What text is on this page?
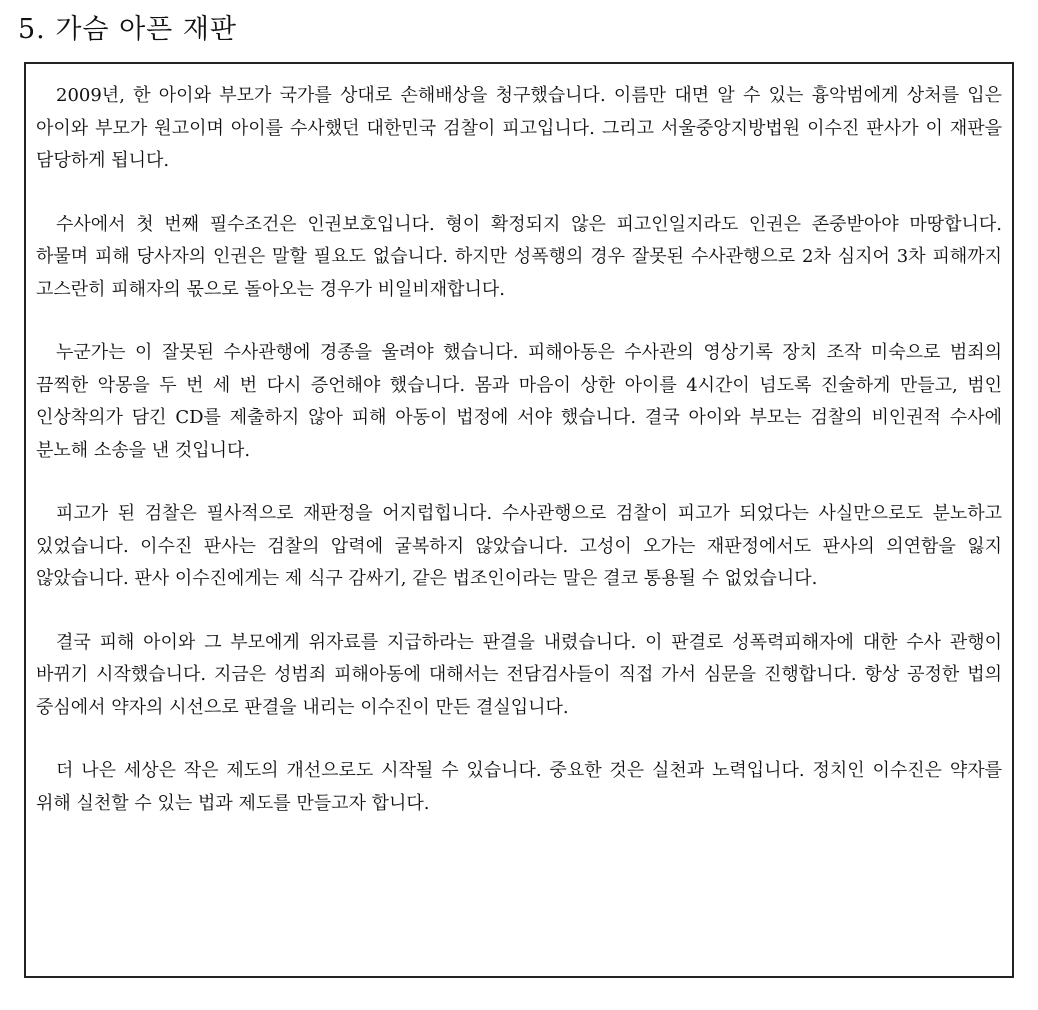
5. 가슴 아픈 재판

2009년, 한 아이와 부모가 국가를 상대로 손해배상을 청구했습니다. 이름만 대면 알 수 있는 흉악범에게 상처를 입은 아이와 부모가 원고이며 아이를 수사했던 대한민국 검찰이 피고입니다. 그리고 서울중앙지방법원 이수진 판사가 이 재판을 담당하게 됩니다.

수사에서 첫 번째 필수조건은 인권보호입니다. 형이 확정되지 않은 피고인일지라도 인권은 존중받아야 마땅합니다. 하물며 피해 당사자의 인권은 말할 필요도 없습니다. 하지만 성폭행의 경우 잘못된 수사관행으로 2차 심지어 3차 피해까지 고스란히 피해자의 몫으로 돌아오는 경우가 비일비재합니다.

누군가는 이 잘못된 수사관행에 경종을 울려야 했습니다. 피해아동은 수사관의 영상기록 장치 조작 미숙으로 범죄의 끔찍한 악몽을 두 번 세 번 다시 증언해야 했습니다. 몸과 마음이 상한 아이를 4시간이 넘도록 진술하게 만들고, 범인 인상착의가 담긴 CD를 제출하지 않아 피해 아동이 법정에 서야 했습니다. 결국 아이와 부모는 검찰의 비인권적 수사에 분노해 소송을 낸 것입니다.

피고가 된 검찰은 필사적으로 재판정을 어지럽힙니다. 수사관행으로 검찰이 피고가 되었다는 사실만으로도 분노하고 있었습니다. 이수진 판사는 검찰의 압력에 굴복하지 않았습니다. 고성이 오가는 재판정에서도 판사의 의연함을 잃지 않았습니다. 판사 이수진에게는 제 식구 감싸기, 같은 법조인이라는 말은 결코 통용될 수 없었습니다.

결국 피해 아이와 그 부모에게 위자료를 지급하라는 판결을 내렸습니다. 이 판결로 성폭력피해자에 대한 수사 관행이 바뀌기 시작했습니다. 지금은 성범죄 피해아동에 대해서는 전담검사들이 직접 가서 심문을 진행합니다. 항상 공정한 법의 중심에서 약자의 시선으로 판결을 내리는 이수진이 만든 결실입니다.

더 나은 세상은 작은 제도의 개선으로도 시작될 수 있습니다. 중요한 것은 실천과 노력입니다. 정치인 이수진은 약자를 위해 실천할 수 있는 법과 제도를 만들고자 합니다.
